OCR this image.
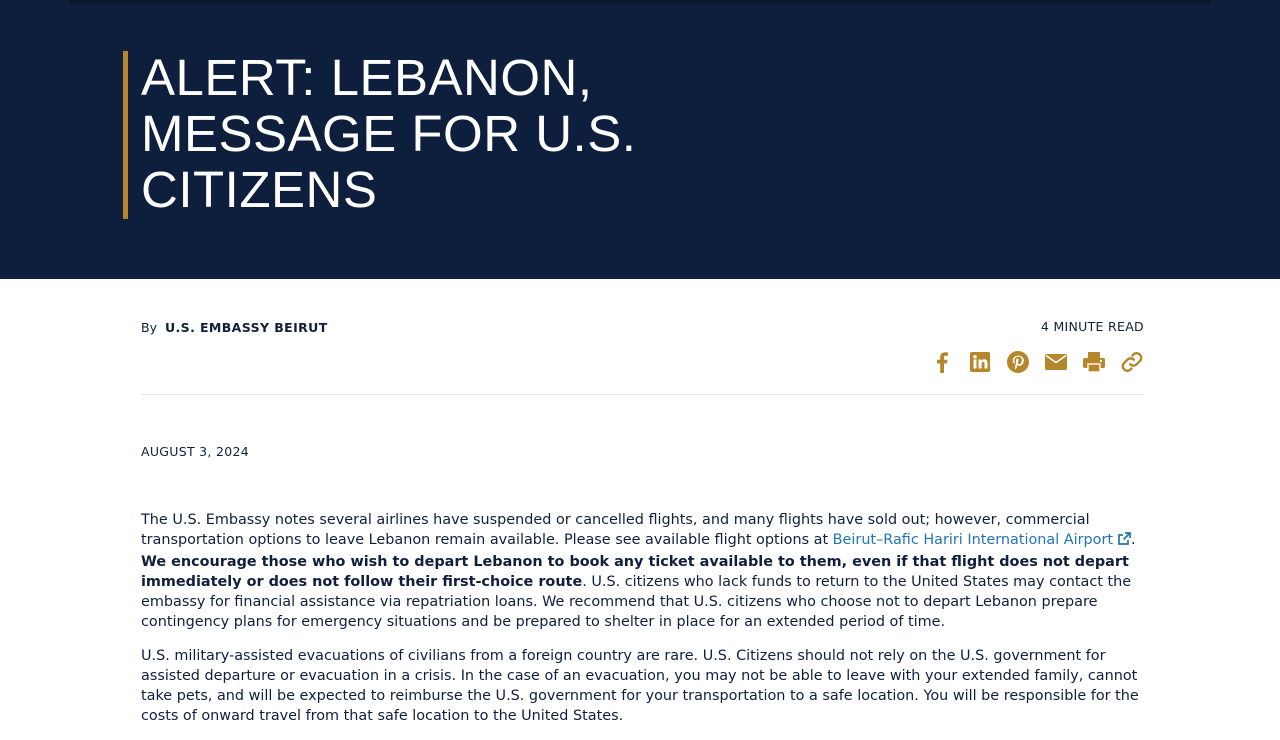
ALERT: LEBANON, MESSAGE FOR U.S. CITIZENS
By U.S. EMBASSY BEIRUT	4 MINUTE READ
AUGUST 3, 2024

The U.S. Embassy notes several airlines have suspended or cancelled flights, and many flights have sold out; however, commercial transportation options to leave Lebanon remain available. Please see available flight options at Beirut–Rafic Hariri International Airport . We encourage those who wish to depart Lebanon to book any ticket available to them, even if that flight does not depart immediately or does not follow their first-choice route. U.S. citizens who lack funds to return to the United States may contact the embassy for financial assistance via repatriation loans. We recommend that U.S. citizens who choose not to depart Lebanon prepare contingency plans for emergency situations and be prepared to shelter in place for an extended period of time.

U.S. military-assisted evacuations of civilians from a foreign country are rare. U.S. Citizens should not rely on the U.S. government for assisted departure or evacuation in a crisis. In the case of an evacuation, you may not be able to leave with your extended family, cannot take pets, and will be expected to reimburse the U.S. government for your transportation to a safe location. You will be responsible for the costs of onward travel from that safe location to the United States.
